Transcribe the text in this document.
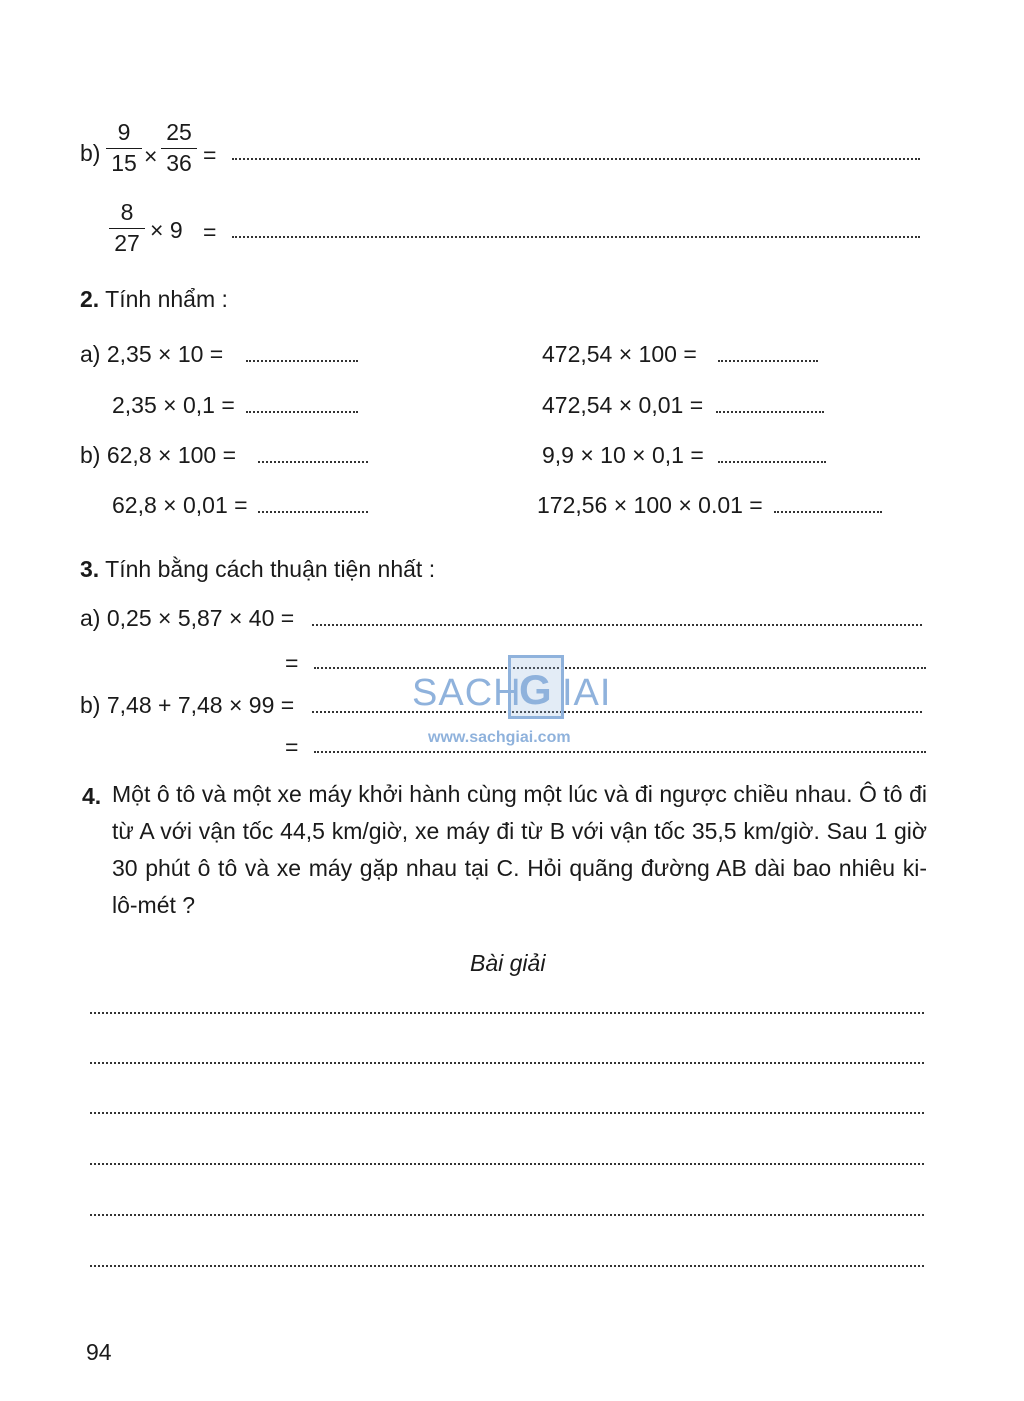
b)
9
15 ×
25
36 =
8
27 × 9 =
2. Tính nhẩm :
a) 2,35 × 10 =
2,35 × 0,1 =
b) 62,8 × 100 =
62,8 × 0,01 =
472,54 × 100 =
472,54 × 0,01 =
9,9 × 10 × 0,1 =
172,56 × 100 × 0.01 =
3. Tính bằng cách thuận tiện nhất :
a) 0,25 × 5,87 × 40 =
=
b) 7,48 + 7,48 × 99 =
=
SACH
G IAI
www.sachgiai.com
4. Một ô tô và một xe máy khởi hành cùng một lúc và đi ngược chiều nhau. Ô tô đi từ A với vận tốc 44,5 km/giờ, xe máy đi từ B với vận tốc 35,5 km/giờ. Sau 1 giờ 30 phút ô tô và xe máy gặp nhau tại C. Hỏi quãng đường AB dài bao nhiêu ki-lô-mét ?

Bài giải
94
